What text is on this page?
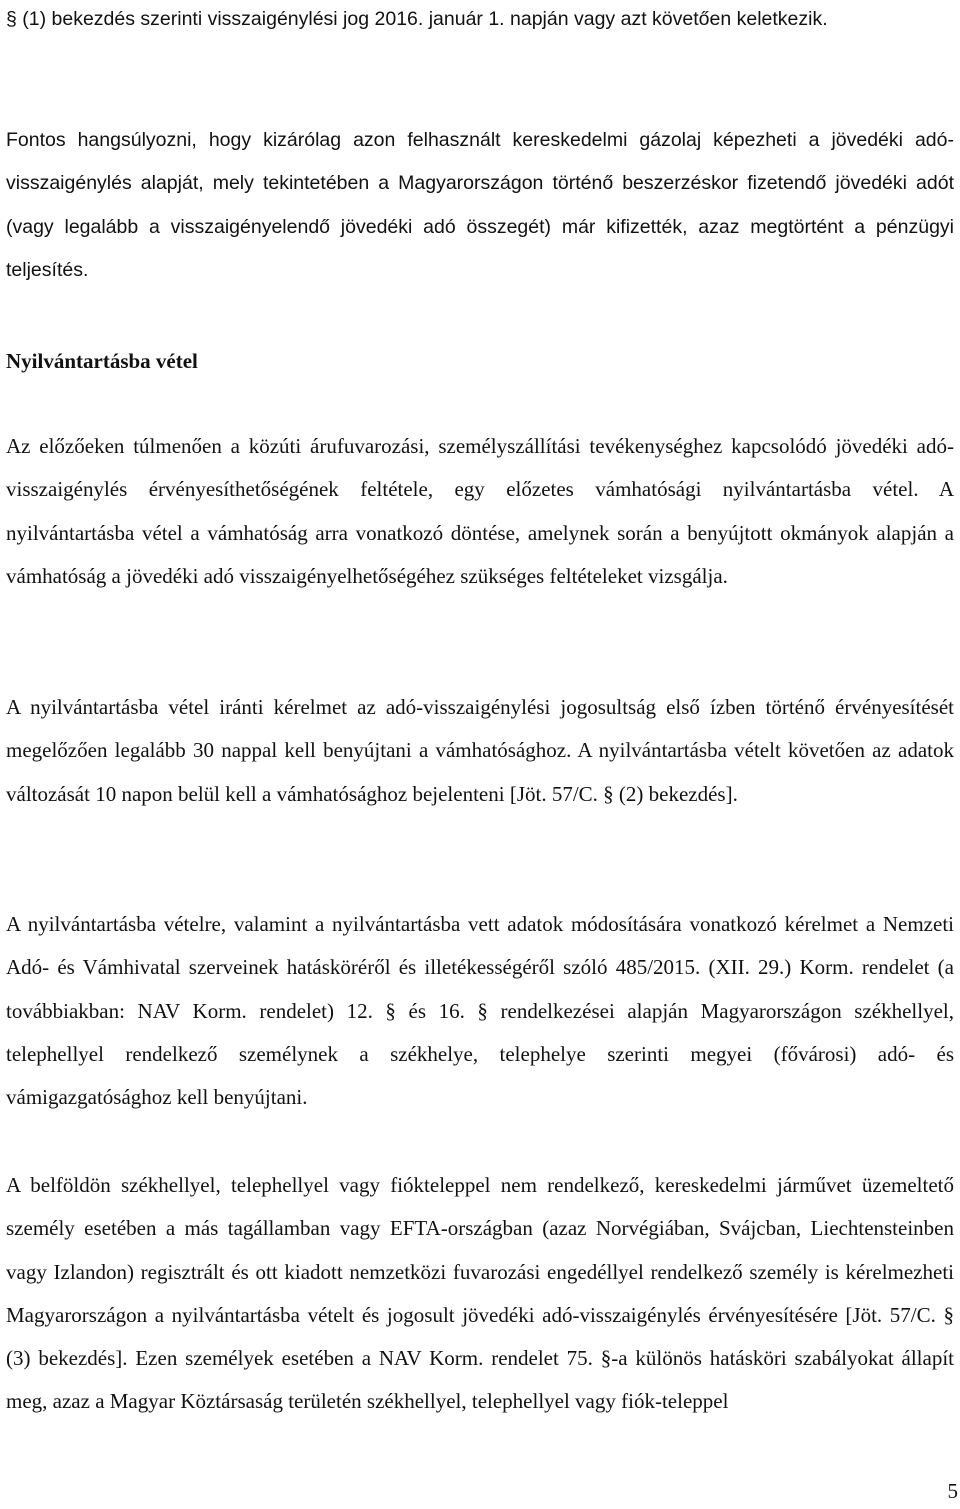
§ (1) bekezdés szerinti visszaigénylési jog 2016. január 1. napján vagy azt követően keletkezik.

Fontos hangsúlyozni, hogy kizárólag azon felhasznált kereskedelmi gázolaj képezheti a jövedéki adó-visszaigénylés alapját, mely tekintetében a Magyarországon történő beszerzéskor fizetendő jövedéki adót (vagy legalább a visszaigényelendő jövedéki adó összegét) már kifizették, azaz megtörtént a pénzügyi teljesítés.

Nyilvántartásba vétel

Az előzőeken túlmenően a közúti árufuvarozási, személyszállítási tevékenységhez kapcsolódó jövedéki adó-visszaigénylés érvényesíthetőségének feltétele, egy előzetes vámhatósági nyilvántartásba vétel. A nyilvántartásba vétel a vámhatóság arra vonatkozó döntése, amelynek során a benyújtott okmányok alapján a vámhatóság a jövedéki adó visszaigényelhetőségéhez szükséges feltételeket vizsgálja.

A nyilvántartásba vétel iránti kérelmet az adó-visszaigénylési jogosultság első ízben történő érvényesítését megelőzően legalább 30 nappal kell benyújtani a vámhatósághoz. A nyilvántartásba vételt követően az adatok változását 10 napon belül kell a vámhatósághoz bejelenteni [Jöt. 57/C. § (2) bekezdés].

A nyilvántartásba vételre, valamint a nyilvántartásba vett adatok módosítására vonatkozó kérelmet a Nemzeti Adó- és Vámhivatal szerveinek hatásköréről és illetékességéről szóló 485/2015. (XII. 29.) Korm. rendelet (a továbbiakban: NAV Korm. rendelet) 12. § és 16. § rendelkezései alapján Magyarországon székhellyel, telephellyel rendelkező személynek a székhelye, telephelye szerinti megyei (fővárosi) adó- és vámigazgatósághoz kell benyújtani.

A belföldön székhellyel, telephellyel vagy fiókteleppel nem rendelkező, kereskedelmi járművet üzemeltető személy esetében a más tagállamban vagy EFTA-országban (azaz Norvégiában, Svájcban, Liechtensteinben vagy Izlandon) regisztrált és ott kiadott nemzetközi fuvarozási engedéllyel rendelkező személy is kérelmezheti Magyarországon a nyilvántartásba vételt és jogosult jövedéki adó-visszaigénylés érvényesítésére [Jöt. 57/C. § (3) bekezdés]. Ezen személyek esetében a NAV Korm. rendelet 75. §-a különös hatásköri szabályokat állapít meg, azaz a Magyar Köztársaság területén székhellyel, telephellyel vagy fiók-teleppel

5
